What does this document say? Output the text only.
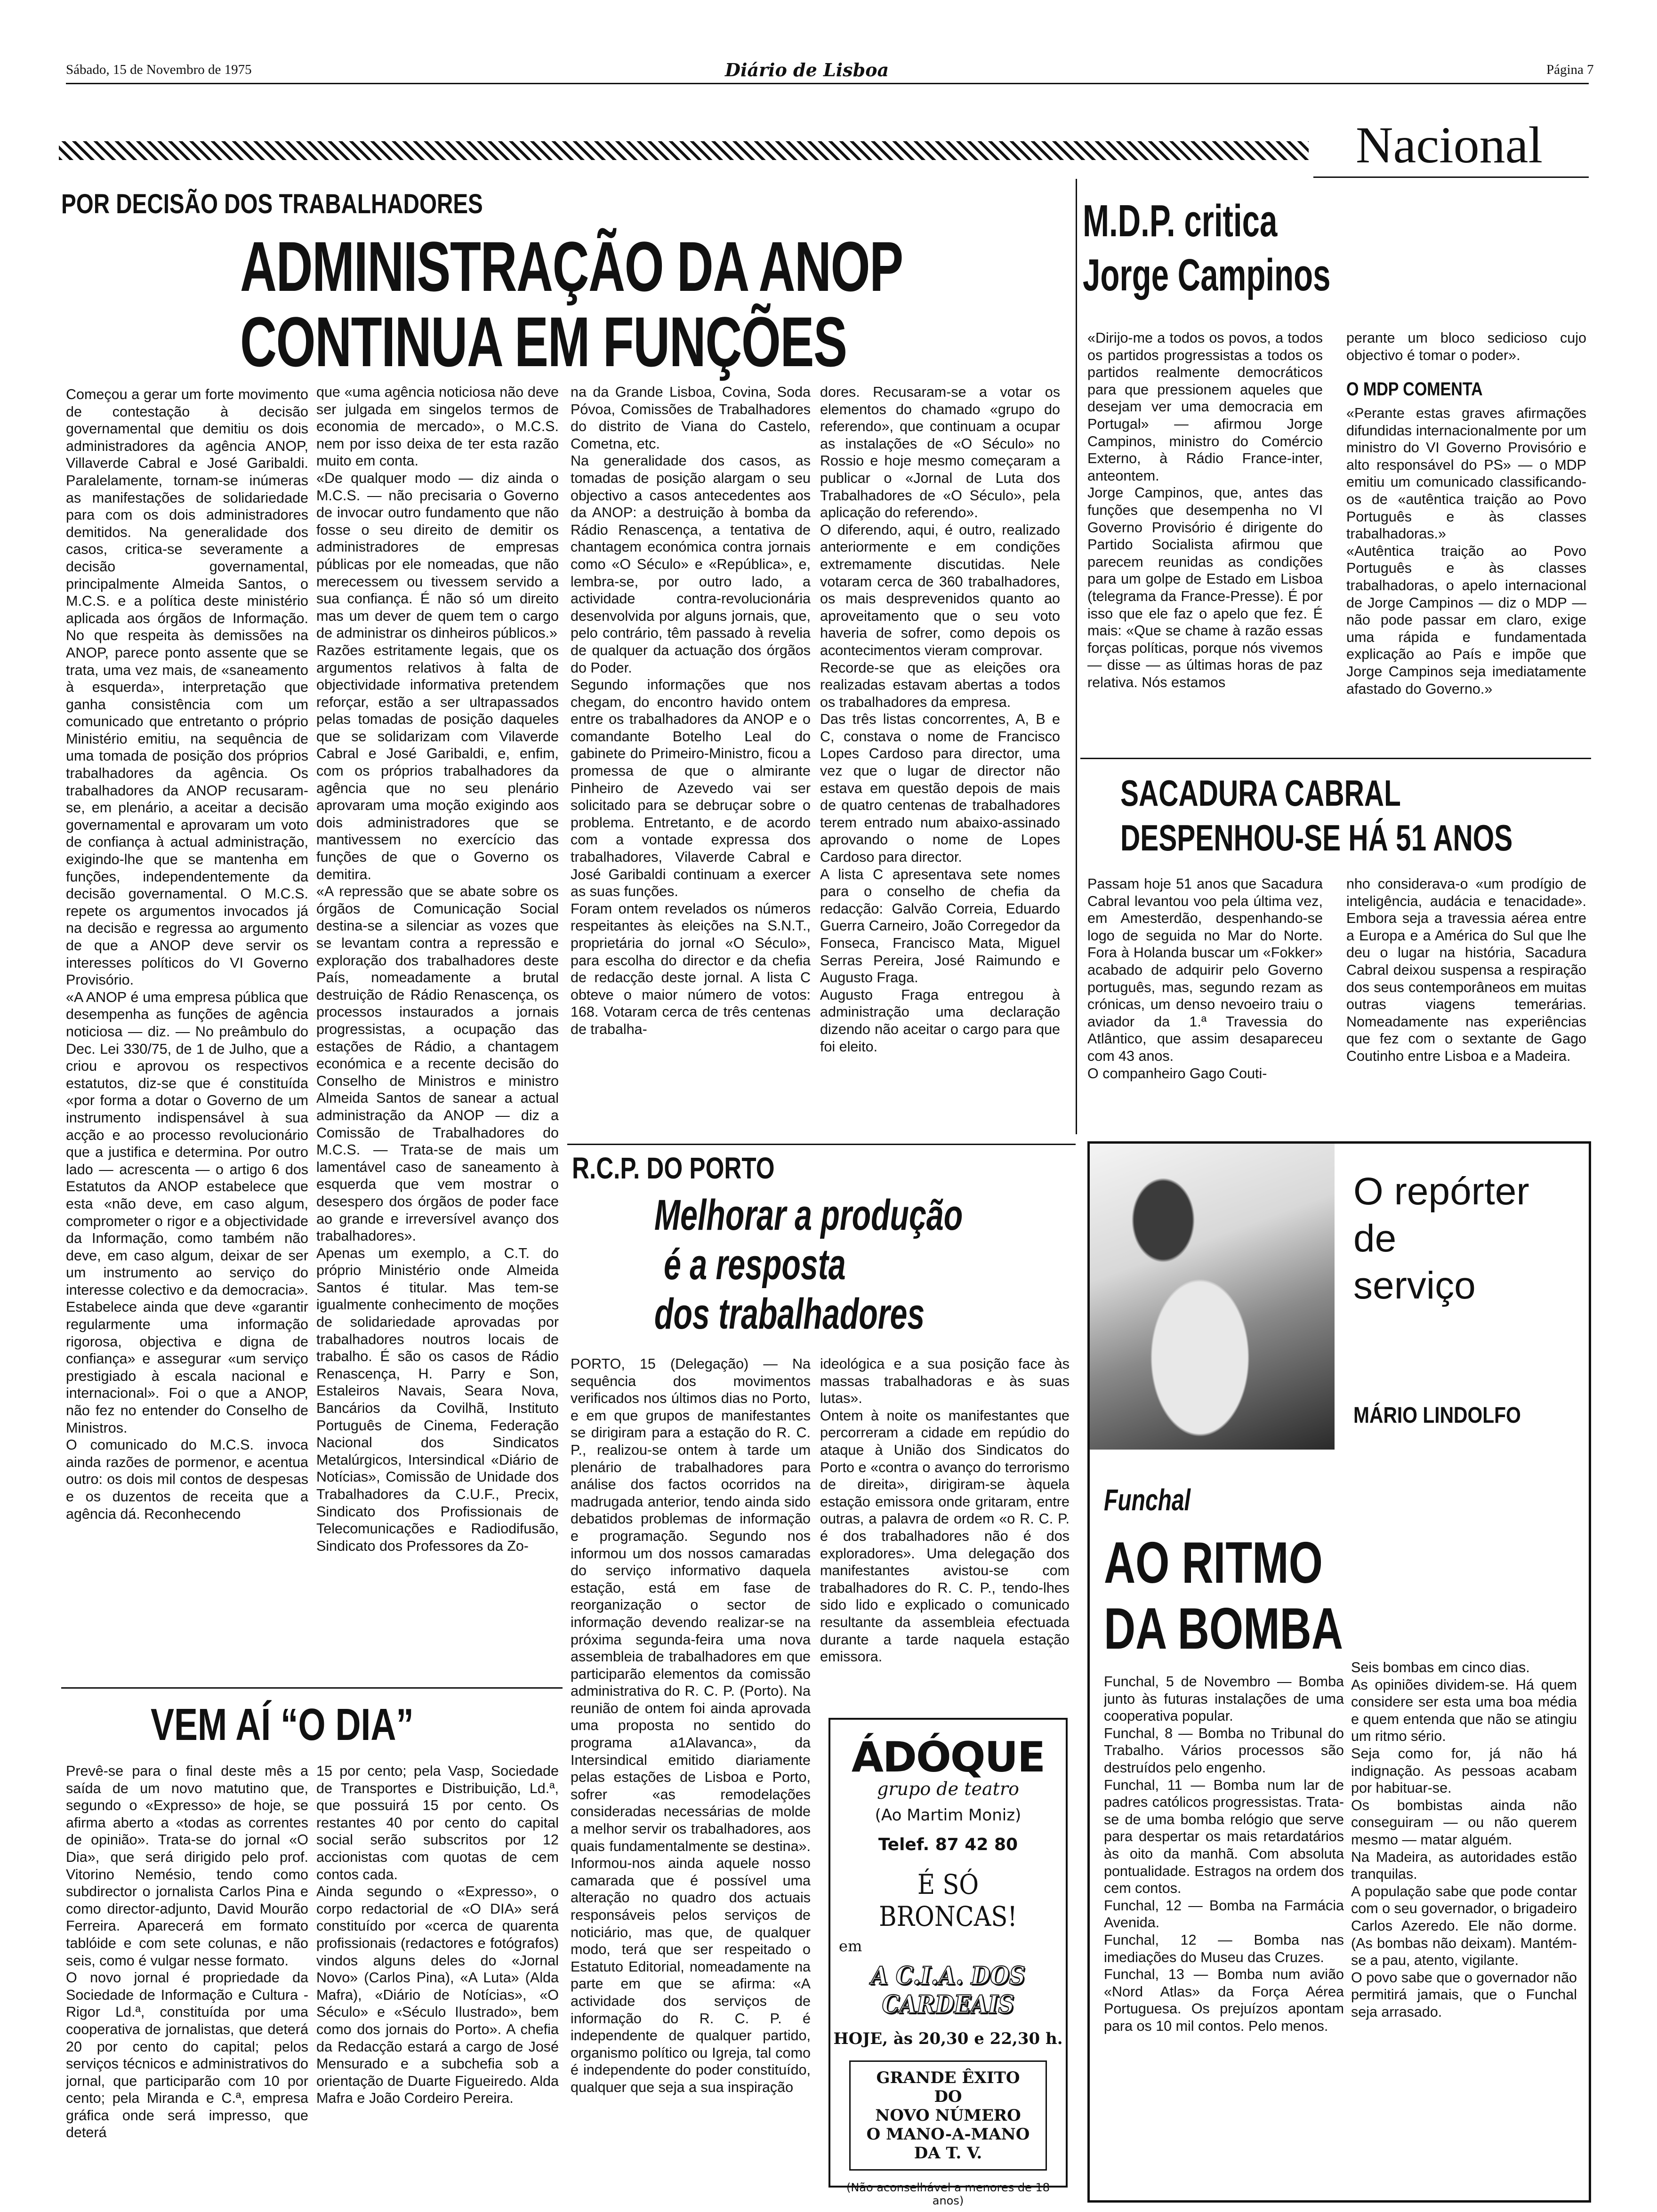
Sábado, 15 de Novembro de 1975	Diário de Lisboa	Página 7
Nacional
POR DECISÃO DOS TRABALHADORES
ADMINISTRAÇÃO DA ANOP
CONTINUA EM FUNÇÕES
Começou a gerar um forte movimento de contestação à decisão governamental que demitiu os dois administradores da agência ANOP, Villaverde Cabral e José Garibaldi. Paralelamente, tornam-se inúmeras as manifestações de solidariedade para com os dois administradores demitidos. Na generalidade dos casos, critica-se severamente a decisão governamental, principalmente Almeida Santos, o M.C.S. e a política deste ministério aplicada aos órgãos de Informação. No que respeita às demissões na ANOP, parece ponto assente que se trata, uma vez mais, de «saneamento à esquerda», interpretação que ganha consistência com um comunicado que entretanto o próprio Ministério emitiu, na sequência de uma tomada de posição dos próprios trabalhadores da agência. Os trabalhadores da ANOP recusaram-se, em plenário, a aceitar a decisão governamental e aprovaram um voto de confiança à actual administração, exigindo-lhe que se mantenha em funções, independentemente da decisão governamental. O M.C.S. repete os argumentos invocados já na decisão e regressa ao argumento de que a ANOP deve servir os interesses políticos do VI Governo Provisório.
«A ANOP é uma empresa pública que desempenha as funções de agência noticiosa — diz. — No preâmbulo do Dec. Lei 330/75, de 1 de Julho, que a criou e aprovou os respectivos estatutos, diz-se que é constituída «por forma a dotar o Governo de um instrumento indispensável à sua acção e ao processo revolucionário que a justifica e determina. Por outro lado — acrescenta — o artigo 6 dos Estatutos da ANOP estabelece que esta «não deve, em caso algum, comprometer o rigor e a objectividade da Informação, como também não deve, em caso algum, deixar de ser um instrumento ao serviço do interesse colectivo e da democracia». Estabelece ainda que deve «garantir regularmente uma informação rigorosa, objectiva e digna de confiança» e assegurar «um serviço prestigiado à escala nacional e internacional». Foi o que a ANOP, não fez no entender do Conselho de Ministros.
O comunicado do M.C.S. invoca ainda razões de pormenor, e acentua outro: os dois mil contos de despesas e os duzentos de receita que a agência dá. Reconhecendo
que «uma agência noticiosa não deve ser julgada em singelos termos de economia de mercado», o M.C.S. nem por isso deixa de ter esta razão muito em conta.
«De qualquer modo — diz ainda o M.C.S. — não precisaria o Governo de invocar outro fundamento que não fosse o seu direito de demitir os administradores de empresas públicas por ele nomeadas, que não merecessem ou tivessem servido a sua confiança. É não só um direito mas um dever de quem tem o cargo de administrar os dinheiros públicos.»
Razões estritamente legais, que os argumentos relativos à falta de objectividade informativa pretendem reforçar, estão a ser ultrapassados pelas tomadas de posição daqueles que se solidarizam com Vilaverde Cabral e José Garibaldi, e, enfim, com os próprios trabalhadores da agência que no seu plenário aprovaram uma moção exigindo aos dois administradores que se mantivessem no exercício das funções de que o Governo os demitira.
«A repressão que se abate sobre os órgãos de Comunicação Social destina-se a silenciar as vozes que se levantam contra a repressão e exploração dos trabalhadores deste País, nomeadamente a brutal destruição de Rádio Renascença, os processos instaurados a jornais progressistas, a ocupação das estações de Rádio, a chantagem económica e a recente decisão do Conselho de Ministros e ministro Almeida Santos de sanear a actual administração da ANOP — diz a Comissão de Trabalhadores do M.C.S. — Trata-se de mais um lamentável caso de saneamento à esquerda que vem mostrar o desespero dos órgãos de poder face ao grande e irreversível avanço dos trabalhadores».
Apenas um exemplo, a C.T. do próprio Ministério onde Almeida Santos é titular. Mas tem-se igualmente conhecimento de moções de solidariedade aprovadas por trabalhadores noutros locais de trabalho. É são os casos de Rádio Renascença, H. Parry e Son, Estaleiros Navais, Seara Nova, Bancários da Covilhã, Instituto Português de Cinema, Federação Nacional dos Sindicatos Metalúrgicos, Intersindical «Diário de Notícias», Comissão de Unidade dos Trabalhadores da C.U.F., Precix, Sindicato dos Profissionais de Telecomunicações e Radiodifusão, Sindicato dos Professores da Zo-
na da Grande Lisboa, Covina, Soda Póvoa, Comissões de Trabalhadores do distrito de Viana do Castelo, Cometna, etc.
Na generalidade dos casos, as tomadas de posição alargam o seu objectivo a casos antecedentes aos da ANOP: a destruição à bomba da Rádio Renascença, a tentativa de chantagem económica contra jornais como «O Século» e «República», e, lembra-se, por outro lado, a actividade contra-revolucionária desenvolvida por alguns jornais, que, pelo contrário, têm passado à revelia de qualquer da actuação dos órgãos do Poder.
Segundo informações que nos chegam, do encontro havido ontem entre os trabalhadores da ANOP e o comandante Botelho Leal do gabinete do Primeiro-Ministro, ficou a promessa de que o almirante Pinheiro de Azevedo vai ser solicitado para se debruçar sobre o problema. Entretanto, e de acordo com a vontade expressa dos trabalhadores, Vilaverde Cabral e José Garibaldi continuam a exercer as suas funções.
Foram ontem revelados os números respeitantes às eleições na S.N.T., proprietária do jornal «O Século», para escolha do director e da chefia de redacção deste jornal. A lista C obteve o maior número de votos: 168. Votaram cerca de três centenas de trabalha-
dores. Recusaram-se a votar os elementos do chamado «grupo do referendo», que continuam a ocupar as instalações de «O Século» no Rossio e hoje mesmo começaram a publicar o «Jornal de Luta dos Trabalhadores de «O Século», pela aplicação do referendo».
O diferendo, aqui, é outro, realizado anteriormente e em condições extremamente discutidas. Nele votaram cerca de 360 trabalhadores, os mais desprevenidos quanto ao aproveitamento que o seu voto haveria de sofrer, como depois os acontecimentos vieram comprovar.
Recorde-se que as eleições ora realizadas estavam abertas a todos os trabalhadores da empresa.
Das três listas concorrentes, A, B e C, constava o nome de Francisco Lopes Cardoso para director, uma vez que o lugar de director não estava em questão depois de mais de quatro centenas de trabalhadores terem entrado num abaixo-assinado aprovando o nome de Lopes Cardoso para director.
A lista C apresentava sete nomes para o conselho de chefia da redacção: Galvão Correia, Eduardo Guerra Carneiro, João Corregedor da Fonseca, Francisco Mata, Miguel Serras Pereira, José Raimundo e Augusto Fraga.
Augusto Fraga entregou à administração uma declaração dizendo não aceitar o cargo para que foi eleito.
R.C.P. DO PORTO
Melhorar a produção
é a resposta
dos trabalhadores
PORTO, 15 (Delegação) — Na sequência dos movimentos verificados nos últimos dias no Porto, e em que grupos de manifestantes se dirigiram para a estação do R. C. P., realizou-se ontem à tarde um plenário de trabalhadores para análise dos factos ocorridos na madrugada anterior, tendo ainda sido debatidos problemas de informação e programação. Segundo nos informou um dos nossos camaradas do serviço informativo daquela estação, está em fase de reorganização o sector de informação devendo realizar-se na próxima segunda-feira uma nova assembleia de trabalhadores em que participarão elementos da comissão administrativa do R. C. P. (Porto). Na reunião de ontem foi ainda aprovada uma proposta no sentido do programa a1Alavanca», da Intersindical emitido diariamente pelas estações de Lisboa e Porto, sofrer «as remodelações consideradas necessárias de molde a melhor servir os trabalhadores, aos quais fundamentalmente se destina». Informou-nos ainda aquele nosso camarada que é possível uma alteração no quadro dos actuais responsáveis pelos serviços de noticiário, mas que, de qualquer modo, terá que ser respeitado o Estatuto Editorial, nomeadamente na parte em que se afirma: «A actividade dos serviços de informação do R. C. P. é independente de qualquer partido, organismo político ou Igreja, tal como é independente do poder constituído, qualquer que seja a sua inspiração
ideológica e a sua posição face às massas trabalhadoras e às suas lutas».
Ontem à noite os manifestantes que percorreram a cidade em repúdio do ataque à União dos Sindicatos do Porto e «contra o avanço do terrorismo de direita», dirigiram-se àquela estação emissora onde gritaram, entre outras, a palavra de ordem «o R. C. P. é dos trabalhadores não é dos exploradores». Uma delegação dos manifestantes avistou-se com trabalhadores do R. C. P., tendo-lhes sido lido e explicado o comunicado resultante da assembleia efectuada durante a tarde naquela estação emissora.
VEM AÍ “O DIA”
Prevê-se para o final deste mês a saída de um novo matutino que, segundo o «Expresso» de hoje, se afirma aberto a «todas as correntes de opinião». Trata-se do jornal «O Dia», que será dirigido pelo prof. Vitorino Nemésio, tendo como subdirector o jornalista Carlos Pina e como director-adjunto, David Mourão Ferreira. Aparecerá em formato tablóide e com sete colunas, e não seis, como é vulgar nesse formato.
O novo jornal é propriedade da Sociedade de Informação e Cultura - Rigor Ld.ª, constituída por uma cooperativa de jornalistas, que deterá 20 por cento do capital; pelos serviços técnicos e administrativos do jornal, que participarão com 10 por cento; pela Miranda e C.ª, empresa gráfica onde será impresso, que deterá
15 por cento; pela Vasp, Sociedade de Transportes e Distribuição, Ld.ª, que possuirá 15 por cento. Os restantes 40 por cento do capital social serão subscritos por 12 accionistas com quotas de cem contos cada.
Ainda segundo o «Expresso», o corpo redactorial de «O DIA» será constituído por «cerca de quarenta profissionais (redactores e fotógrafos) vindos alguns deles do «Jornal Novo» (Carlos Pina), «A Luta» (Alda Mafra), «Diário de Notícias», «O Século» e «Século Ilustrado», bem como dos jornais do Porto». A chefia da Redacção estará a cargo de José Mensurado e a subchefia sob a orientação de Duarte Figueiredo. Alda Mafra e João Cordeiro Pereira.
ÁDÓQUE
grupo de teatro
(Ao Martim Moniz)
Telef. 87 42 80
É SÓ BRONCAS!
em
A C.I.A. DOS CARDEAIS
HOJE, às 20,30 e 22,30 h.
GRANDE ÊXITO
DO
NOVO NÚMERO
O MANO-A-MANO
DA T. V.
(Não aconselhável a menores de 18 anos)
M.D.P. critica
Jorge Campinos
«Dirijo-me a todos os povos, a todos os partidos progressistas a todos os partidos realmente democráticos para que pressionem aqueles que desejam ver uma democracia em Portugal» — afirmou Jorge Campinos, ministro do Comércio Externo, à Rádio France-inter, anteontem.
Jorge Campinos, que, antes das funções que desempenha no VI Governo Provisório é dirigente do Partido Socialista afirmou que parecem reunidas as condições para um golpe de Estado em Lisboa (telegrama da France-Presse). É por isso que ele faz o apelo que fez. É mais: «Que se chame à razão essas forças políticas, porque nós vivemos — disse — as últimas horas de paz relativa. Nós estamos
perante um bloco sedicioso cujo objectivo é tomar o poder».
O MDP COMENTA
«Perante estas graves afirmações difundidas internacionalmente por um ministro do VI Governo Provisório e alto responsável do PS» — o MDP emitiu um comunicado classificando-os de «autêntica traição ao Povo Português e às classes trabalhadoras.»
«Autêntica traição ao Povo Português e às classes trabalhadoras, o apelo internacional de Jorge Campinos — diz o MDP — não pode passar em claro, exige uma rápida e fundamentada explicação ao País e impõe que Jorge Campinos seja imediatamente afastado do Governo.»
SACADURA CABRAL
DESPENHOU-SE HÁ 51 ANOS
Passam hoje 51 anos que Sacadura Cabral levantou voo pela última vez, em Amesterdão, despenhando-se logo de seguida no Mar do Norte. Fora à Holanda buscar um «Fokker» acabado de adquirir pelo Governo português, mas, segundo rezam as crónicas, um denso nevoeiro traiu o aviador da 1.ª Travessia do Atlântico, que assim desapareceu com 43 anos.
O companheiro Gago Couti-
nho considerava-o «um prodígio de inteligência, audácia e tenacidade». Embora seja a travessia aérea entre a Europa e a América do Sul que lhe deu o lugar na história, Sacadura Cabral deixou suspensa a respiração dos seus contemporâneos em muitas outras viagens temerárias. Nomeadamente nas experiências que fez com o sextante de Gago Coutinho entre Lisboa e a Madeira.
O repórter
de
serviço
MÁRIO LINDOLFO
Funchal
AO RITMO
DA BOMBA
Funchal, 5 de Novembro — Bomba junto às futuras instalações de uma cooperativa popular.
Funchal, 8 — Bomba no Tribunal do Trabalho. Vários processos são destruídos pelo engenho.
Funchal, 11 — Bomba num lar de padres católicos progressistas. Trata-se de uma bomba relógio que serve para despertar os mais retardatários às oito da manhã. Com absoluta pontualidade. Estragos na ordem dos cem contos.
Funchal, 12 — Bomba na Farmácia Avenida.
Funchal, 12 — Bomba nas imediações do Museu das Cruzes.
Funchal, 13 — Bomba num avião «Nord Atlas» da Força Aérea Portuguesa. Os prejuízos apontam para os 10 mil contos. Pelo menos.
Seis bombas em cinco dias.
As opiniões dividem-se. Há quem considere ser esta uma boa média e quem entenda que não se atingiu um ritmo sério.
Seja como for, já não há indignação. As pessoas acabam por habituar-se.
Os bombistas ainda não conseguiram — ou não querem mesmo — matar alguém.
Na Madeira, as autoridades estão tranquilas.
A população sabe que pode contar com o seu governador, o brigadeiro Carlos Azeredo. Ele não dorme. (As bombas não deixam). Mantém-se a pau, atento, vigilante.
O povo sabe que o governador não permitirá jamais, que o Funchal seja arrasado.
